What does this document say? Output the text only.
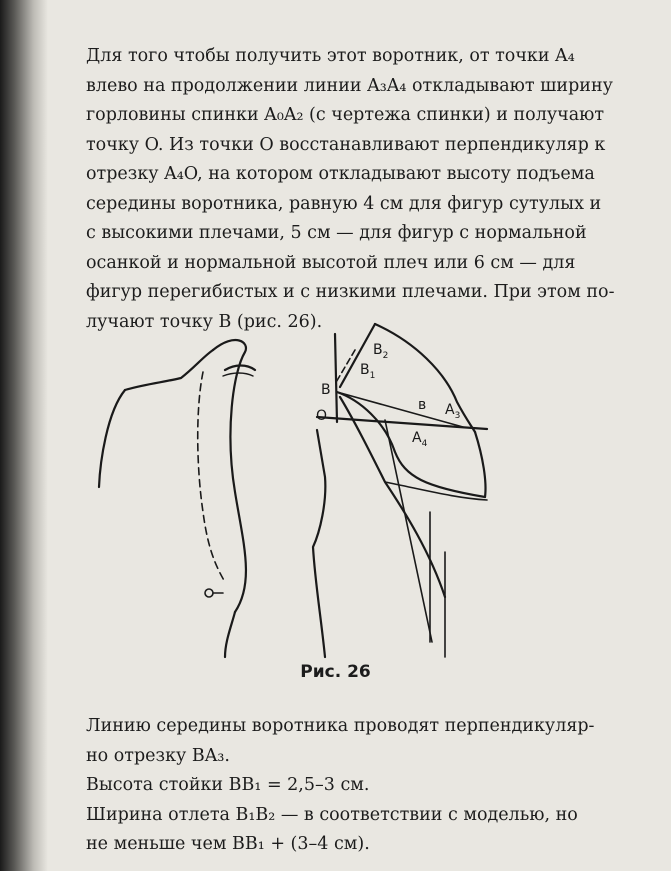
Для того чтобы получить этот воротник, от точки A₄
влево на продолжении линии A₃A₄ откладывают ширину
горловины спинки A₀A₂ (с чертежа спинки) и получают
точку O. Из точки O восстанавливают перпендикуляр к
отрезку A₄O, на котором откладывают высоту подъема
середины воротника, равную 4 см для фигур сутулых и
с высокими плечами, 5 см — для фигур с нормальной
осанкой и нормальной высотой плеч или 6 см — для
фигур перегибистых и с низкими плечами. При этом по-
лучают точку B (рис. 26).
B
O
$B_1$
$B_2$
в $A_3$
$A_4$
Рис. 26
Линию середины воротника проводят перпендикуляр-
но отрезку BA₃.
Высота стойки BB₁ = 2,5–3 см.
Ширина отлета B₁B₂ — в соответствии с моделью, но
не меньше чем BB₁ + (3–4 см).
